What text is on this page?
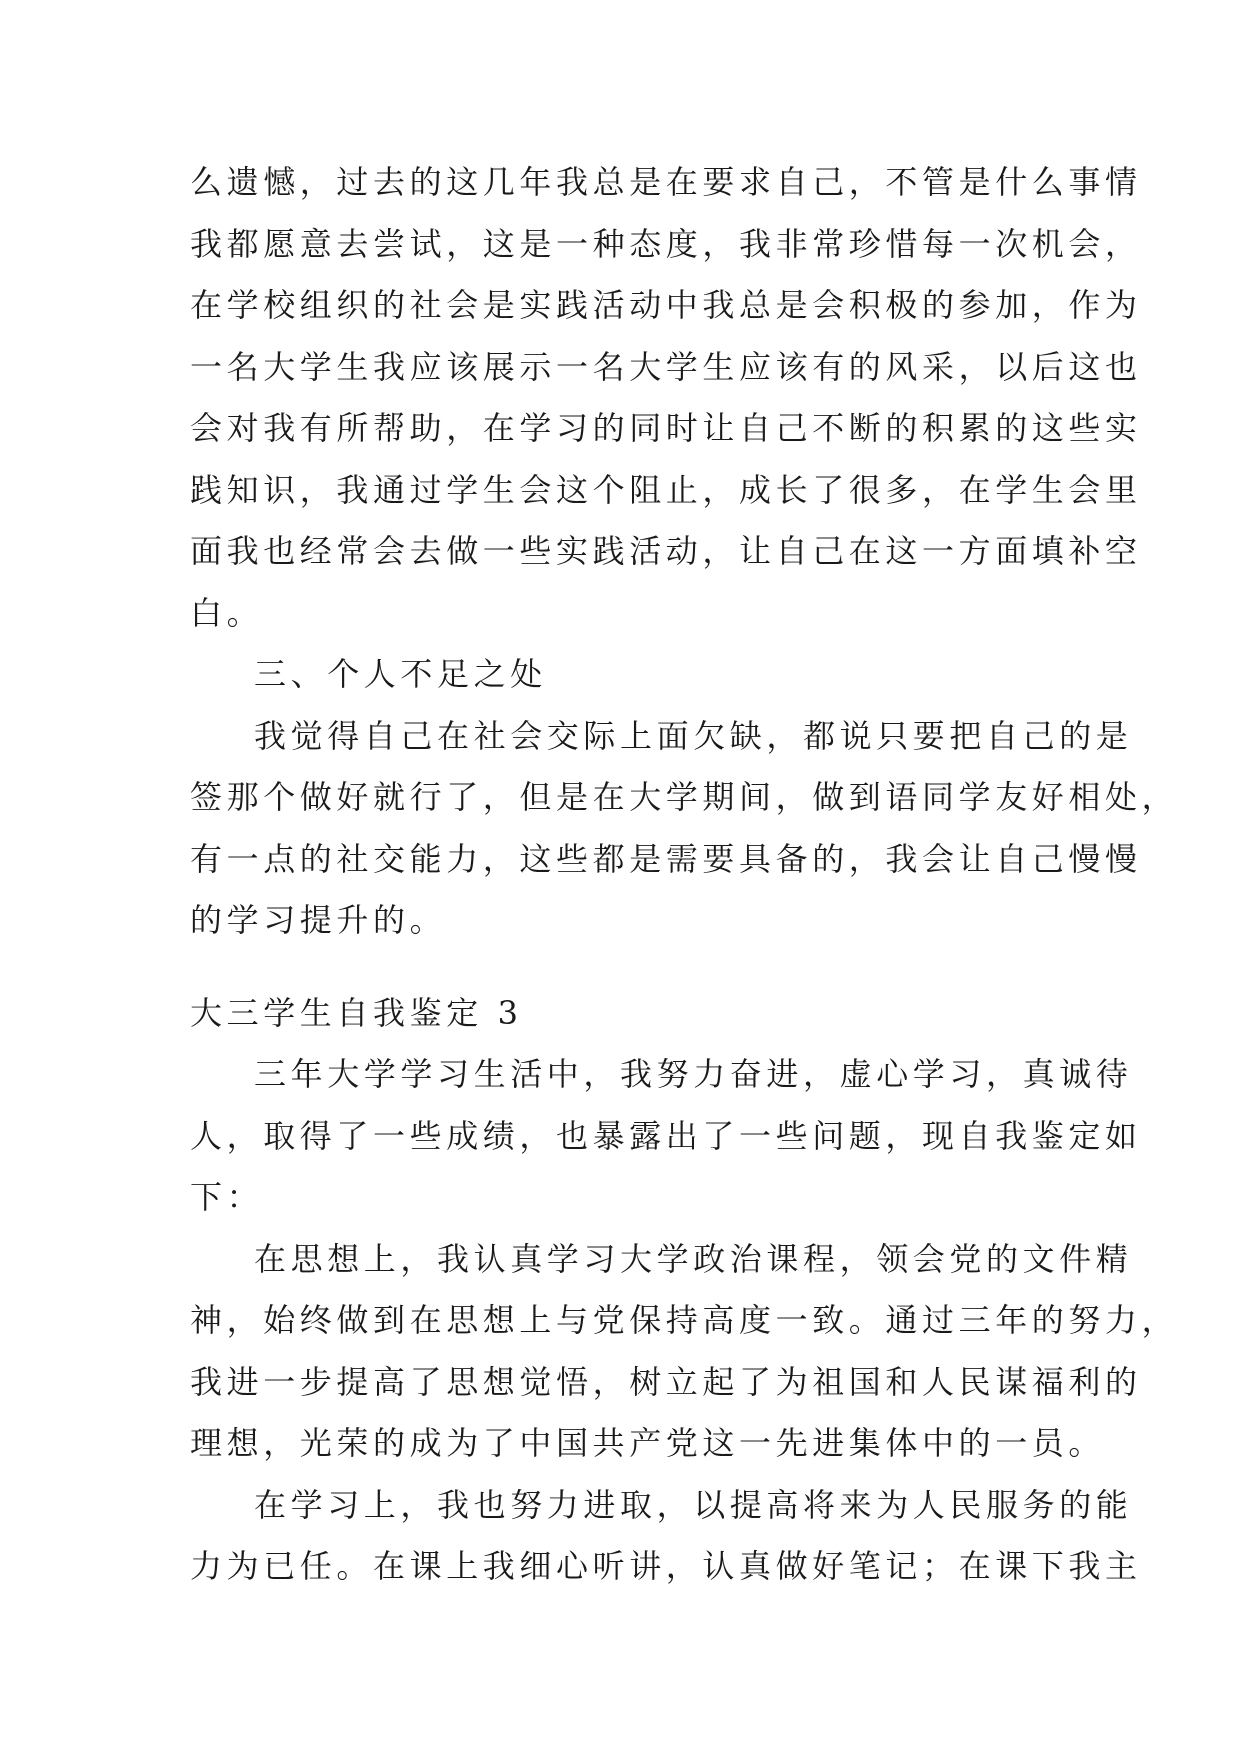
么遗憾，过去的这几年我总是在要求自己，不管是什么事情
我都愿意去尝试，这是一种态度，我非常珍惜每一次机会，
在学校组织的社会是实践活动中我总是会积极的参加，作为
一名大学生我应该展示一名大学生应该有的风采，以后这也
会对我有所帮助，在学习的同时让自己不断的积累的这些实
践知识，我通过学生会这个阻止，成长了很多，在学生会里
面我也经常会去做一些实践活动，让自己在这一方面填补空
白。
三、个人不足之处
我觉得自己在社会交际上面欠缺，都说只要把自己的是
签那个做好就行了，但是在大学期间，做到语同学友好相处，
有一点的社交能力，这些都是需要具备的，我会让自己慢慢
的学习提升的。
大三学生自我鉴定 3
三年大学学习生活中，我努力奋进，虚心学习，真诚待
人，取得了一些成绩，也暴露出了一些问题，现自我鉴定如
下：
在思想上，我认真学习大学政治课程，领会党的文件精
神，始终做到在思想上与党保持高度一致。通过三年的努力，
我进一步提高了思想觉悟，树立起了为祖国和人民谋福利的
理想，光荣的成为了中国共产党这一先进集体中的一员。
在学习上，我也努力进取，以提高将来为人民服务的能
力为已任。在课上我细心听讲，认真做好笔记；在课下我主
